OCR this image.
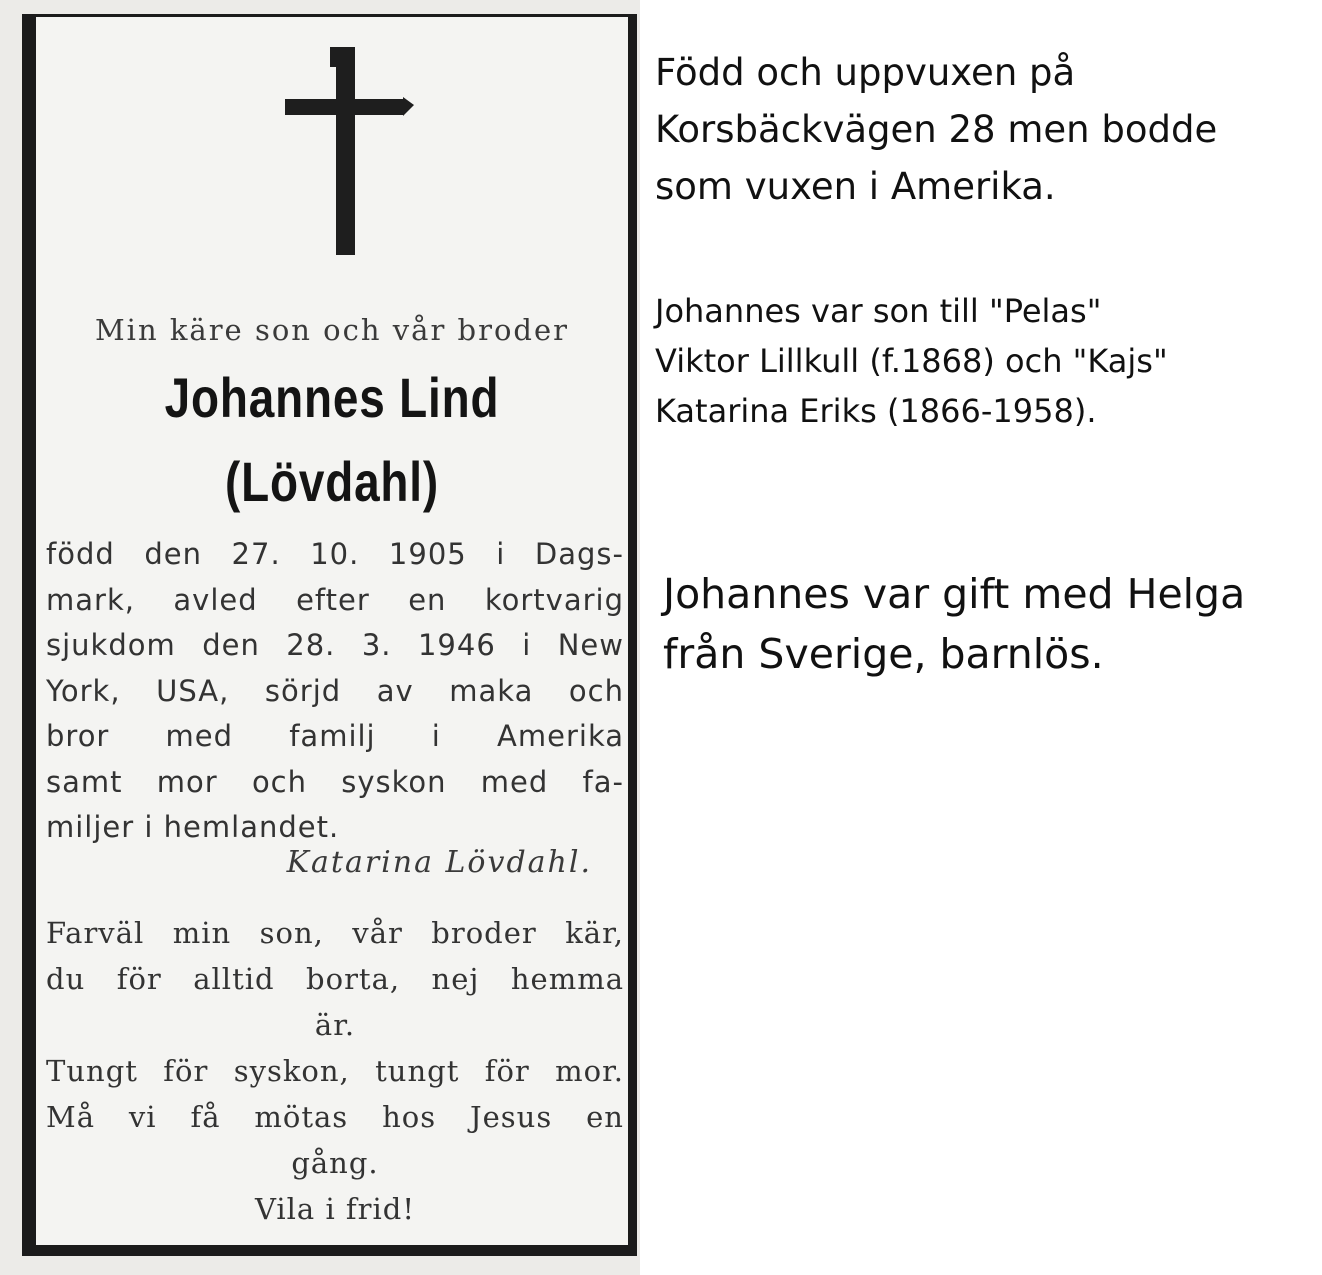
Min käre son och vår broder
Johannes Lind
(Lövdahl)
född den 27. 10. 1905 i Dags-
mark, avled efter en kortvarig
sjukdom den 28. 3. 1946 i New
York, USA, sörjd av maka och
bror med familj i Amerika
samt mor och syskon med fa-
miljer i hemlandet.
Katarina Lövdahl.
Farväl min son, vår broder kär,
du för alltid borta, nej hemma
är.
Tungt för syskon, tungt för mor.
Må vi få mötas hos Jesus en
gång.
Vila i frid!

Född och uppvuxen på
Korsbäckvägen 28 men bodde
som vuxen i Amerika.

Johannes var son till "Pelas"
Viktor Lillkull (f.1868) och "Kajs"
Katarina Eriks (1866-1958).

Johannes var gift med Helga
från Sverige, barnlös.
